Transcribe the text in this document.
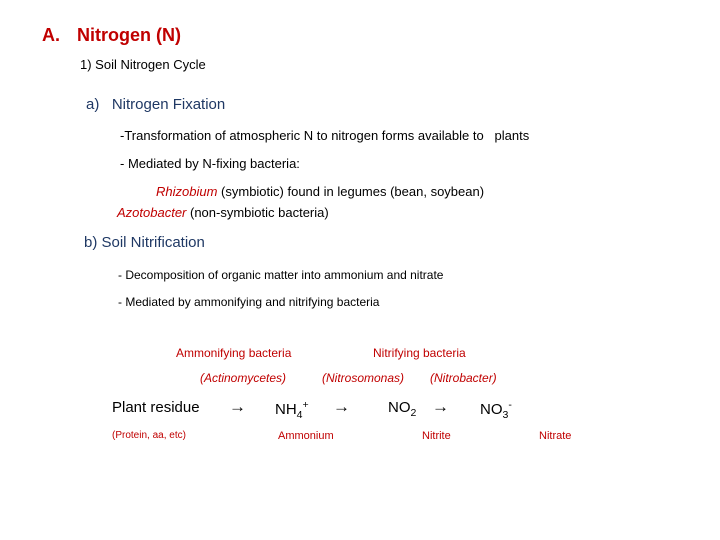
A. Nitrogen (N)
1) Soil Nitrogen Cycle
a)   Nitrogen Fixation
-Transformation of atmospheric N to nitrogen forms available to   plants
- Mediated by N-fixing bacteria:
Rhizobium (symbiotic) found in legumes (bean, soybean)
Azotobacter (non-symbiotic bacteria)
b) Soil Nitrification
- Decomposition of organic matter into ammonium and nitrate
- Mediated by ammonifying and nitrifying bacteria
Ammonifying bacteria	Nitrifying bacteria
(Actinomycetes)	(Nitrosomonas) (Nitrobacter)
Plant residue → $NH_4^+$ →	$NO_2 \to NO_3^-$
(Protein, aa, etc)	Ammonium	Nitrite	Nitrate
